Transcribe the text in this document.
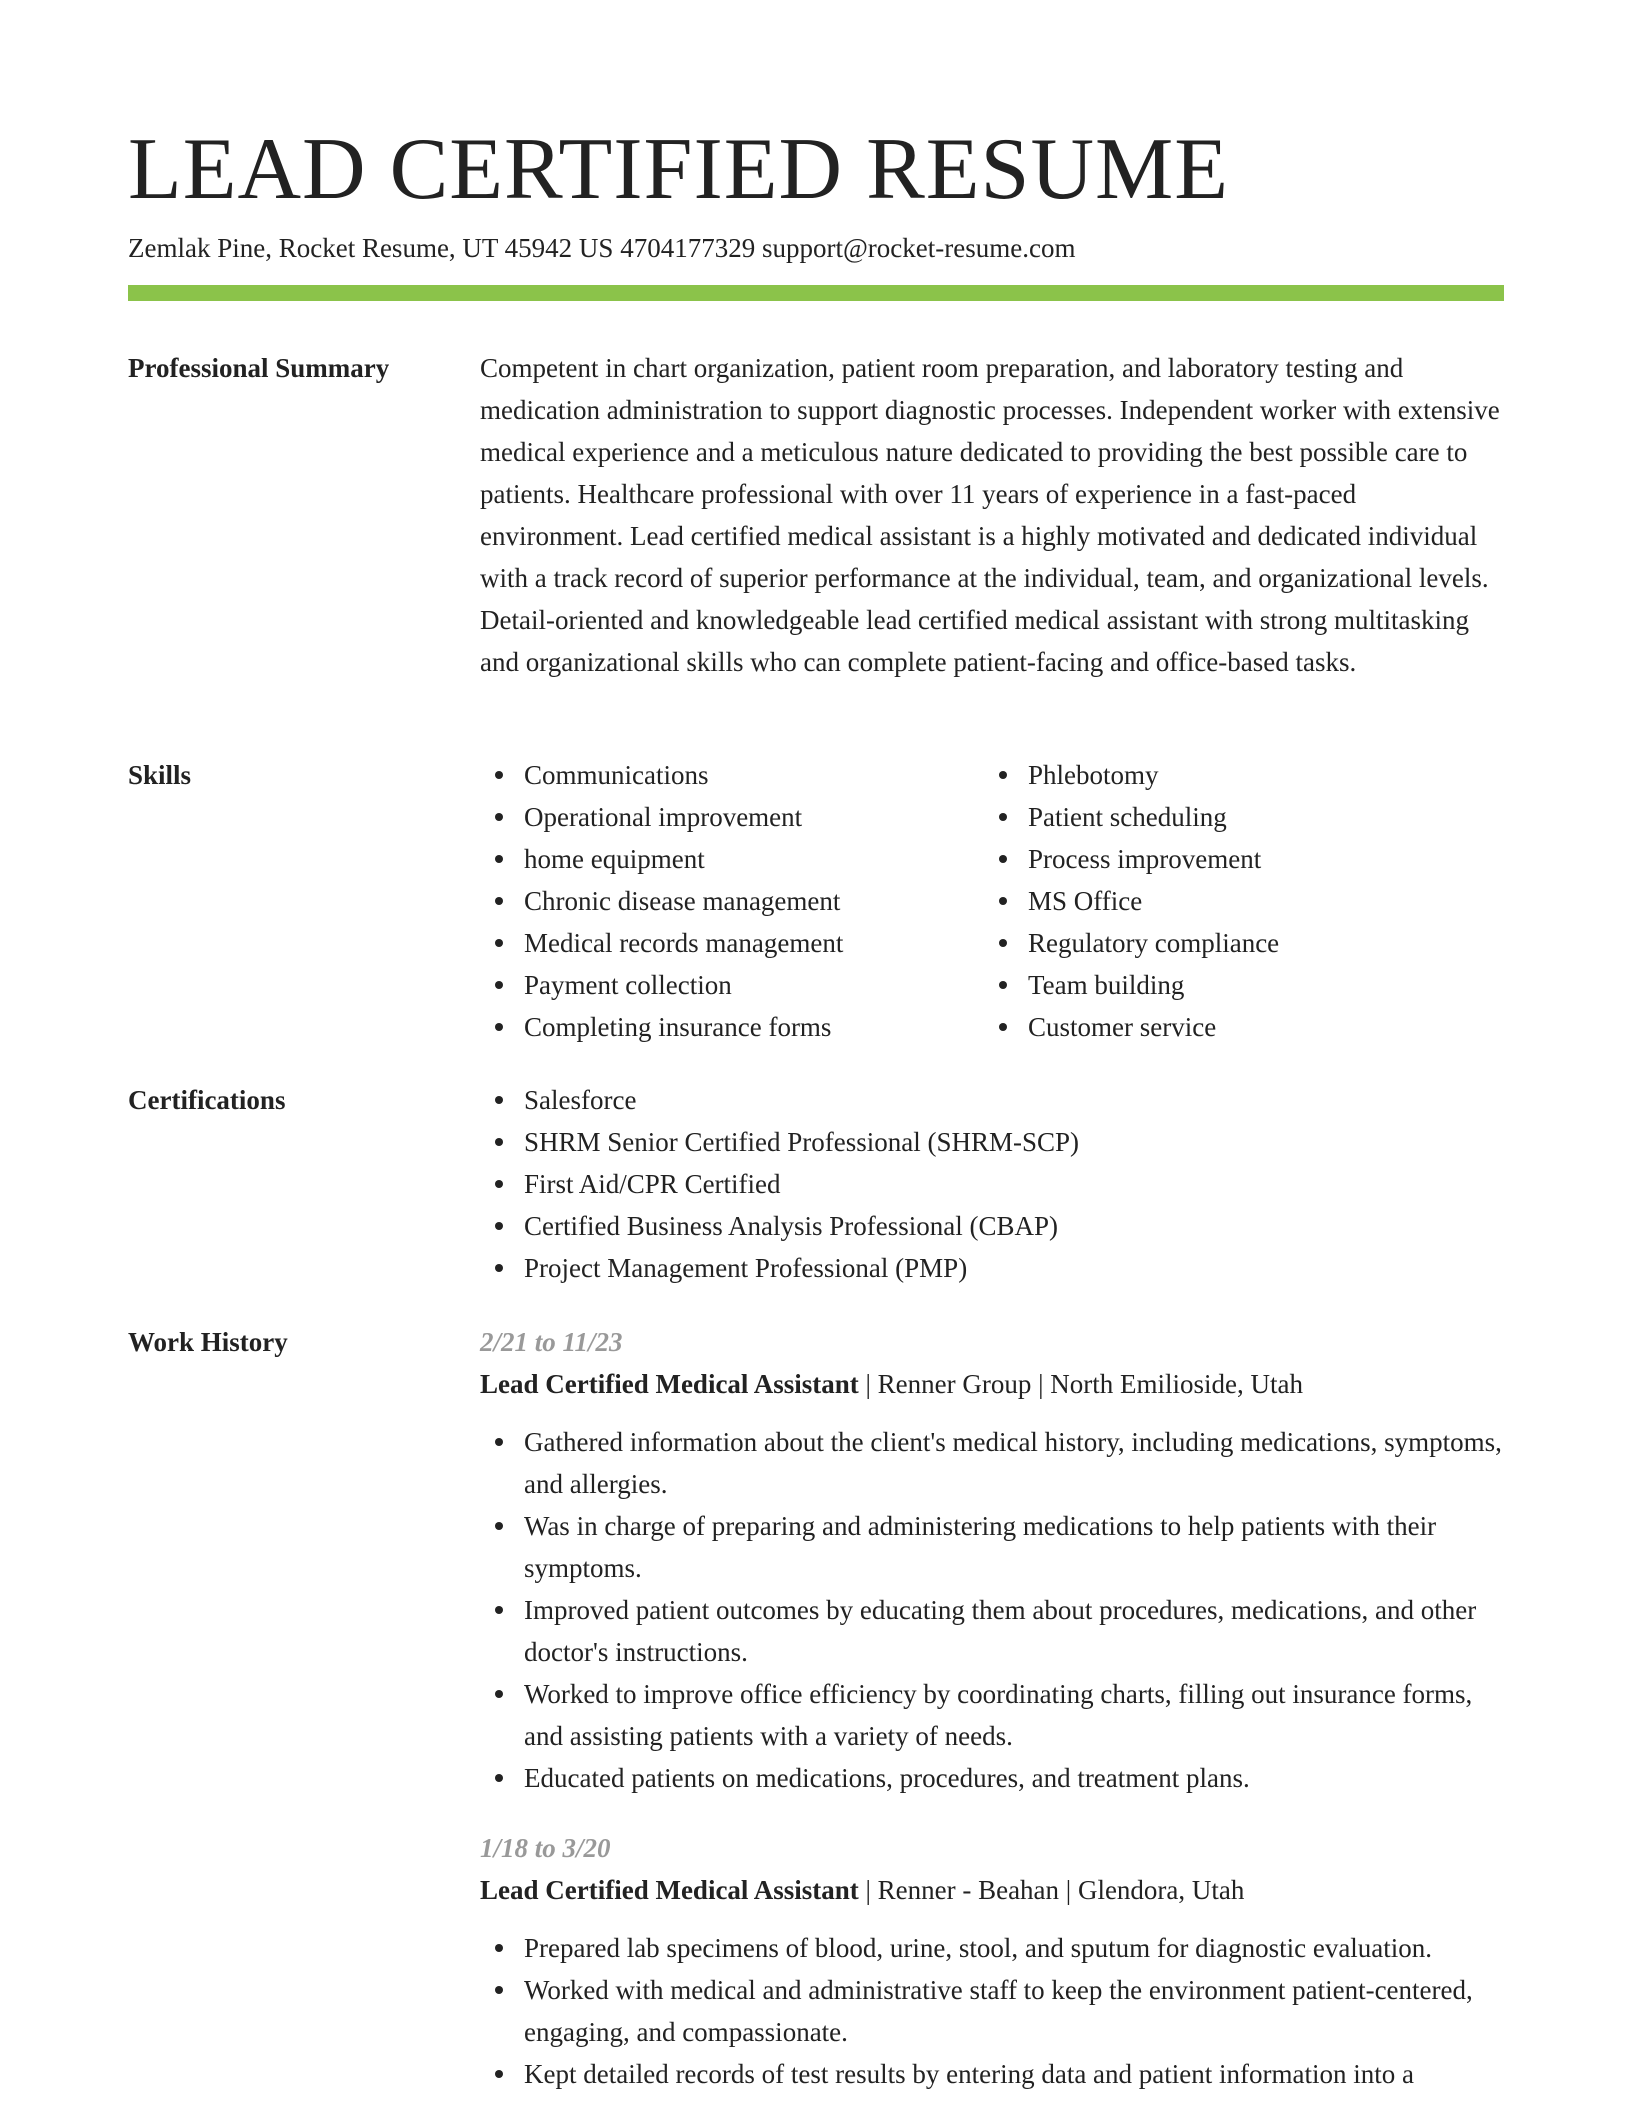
LEAD CERTIFIED RESUME
Zemlak Pine, Rocket Resume, UT 45942 US 4704177329 support@rocket-resume.com
Professional Summary	Competent in chart organization, patient room preparation, and laboratory testing and medication administration to support diagnostic processes. Independent worker with extensive medical experience and a meticulous nature dedicated to providing the best possible care to patients. Healthcare professional with over 11 years of experience in a fast-paced environment. Lead certified medical assistant is a highly motivated and dedicated individual with a track record of superior performance at the individual, team, and organizational levels. Detail-oriented and knowledgeable lead certified medical assistant with strong multitasking and organizational skills who can complete patient-facing and office-based tasks.

Skills	Communications
Operational improvement
home equipment
Chronic disease management
Medical records management
Payment collection
Completing insurance forms
Phlebotomy
Patient scheduling
Process improvement
MS Office
Regulatory compliance
Team building
Customer service
Certifications	Salesforce
SHRM Senior Certified Professional (SHRM-SCP)
First Aid/CPR Certified
Certified Business Analysis Professional (CBAP)
Project Management Professional (PMP)
Work History	2/21 to 11/23
Lead Certified Medical Assistant | Renner Group | North Emilioside, Utah
Gathered information about the client's medical history, including medications, symptoms, and allergies.
Was in charge of preparing and administering medications to help patients with their symptoms.
Improved patient outcomes by educating them about procedures, medications, and other doctor's instructions.
Worked to improve office efficiency by coordinating charts, filling out insurance forms, and assisting patients with a variety of needs.
Educated patients on medications, procedures, and treatment plans.
1/18 to 3/20
Lead Certified Medical Assistant | Renner - Beahan | Glendora, Utah
Prepared lab specimens of blood, urine, stool, and sputum for diagnostic evaluation.
Worked with medical and administrative staff to keep the environment patient-centered, engaging, and compassionate.
Kept detailed records of test results by entering data and patient information into a
